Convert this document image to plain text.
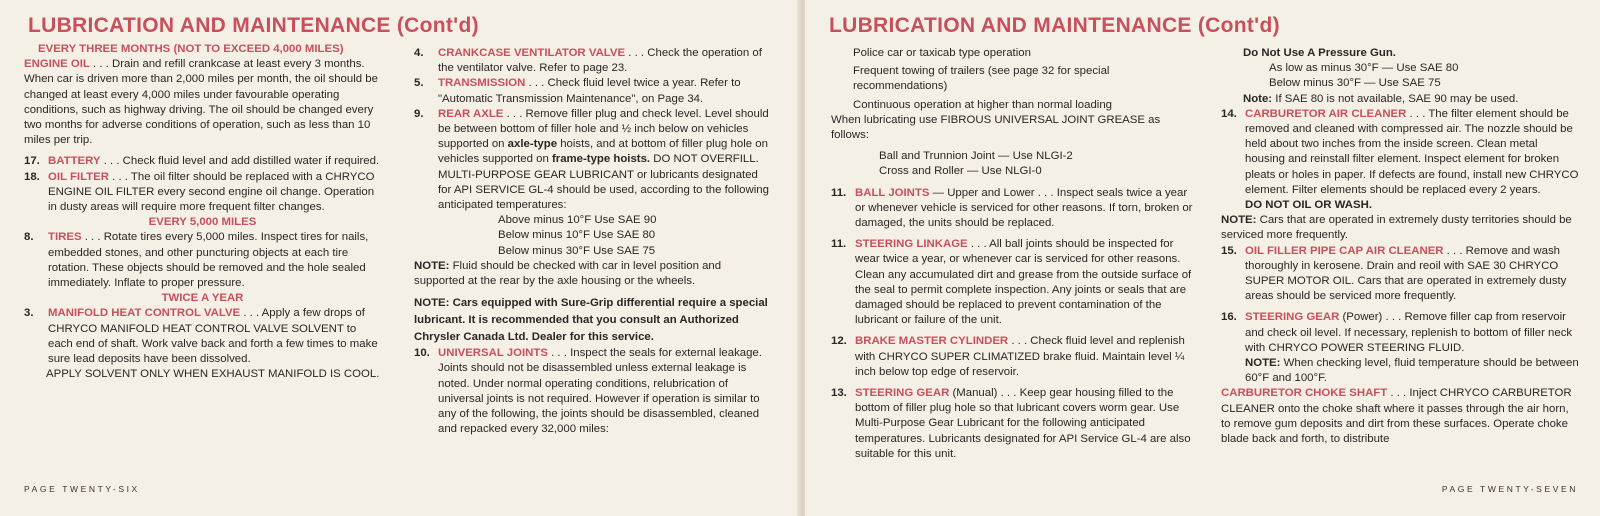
LUBRICATION AND MAINTENANCE (Cont'd)

EVERY THREE MONTHS (NOT TO EXCEED 4,000 MILES)

ENGINE OIL . . . Drain and refill crankcase at least every 3 months. When car is driven more than 2,000 miles per month, the oil should be changed at least every 4,000 miles under favourable operating conditions, such as highway driving. The oil should be changed every two months for adverse conditions of operation, such as less than 10 miles per trip.

17. BATTERY . . . Check fluid level and add distilled water if required.

18. OIL FILTER . . . The oil filter should be replaced with a CHRYCO ENGINE OIL FILTER every second engine oil change. Operation in dusty areas will require more frequent filter changes.

EVERY 5,000 MILES

8. TIRES . . . Rotate tires every 5,000 miles. Inspect tires for nails, embedded stones, and other puncturing objects at each tire rotation. These objects should be removed and the hole sealed immediately. Inflate to proper pressure.

TWICE A YEAR

3. MANIFOLD HEAT CONTROL VALVE . . . Apply a few drops of CHRYCO MANIFOLD HEAT CONTROL VALVE SOLVENT to each end of shaft. Work valve back and forth a few times to make sure lead deposits have been dissolved.

APPLY SOLVENT ONLY WHEN EXHAUST MANIFOLD IS COOL.

4. CRANKCASE VENTILATOR VALVE . . . Check the operation of the ventilator valve. Refer to page 23.

5. TRANSMISSION . . . Check fluid level twice a year. Refer to "Automatic Transmission Maintenance", on Page 34.

9. REAR AXLE . . . Remove filler plug and check level. Level should be between bottom of filler hole and ½ inch below on vehicles supported on axle-type hoists, and at bottom of filler plug hole on vehicles supported on frame-type hoists. DO NOT OVERFILL. MULTI-PURPOSE GEAR LUBRICANT or lubricants designated for API SERVICE GL-4 should be used, according to the following anticipated temperatures:

Above minus 10°F Use SAE 90

Below minus 10°F Use SAE 80

Below minus 30°F Use SAE 75

NOTE: Fluid should be checked with car in level position and supported at the rear by the axle housing or the wheels.

NOTE: Cars equipped with Sure-Grip differential require a special lubricant. It is recommended that you consult an Authorized Chrysler Canada Ltd. Dealer for this service.

10. UNIVERSAL JOINTS . . . Inspect the seals for external leakage. Joints should not be disassembled unless external leakage is noted. Under normal operating conditions, relubrication of universal joints is not required. However if operation is similar to any of the following, the joints should be disassembled, cleaned and repacked every 32,000 miles:

PAGE TWENTY-SIX
LUBRICATION AND MAINTENANCE (Cont'd)

Police car or taxicab type operation

Frequent towing of trailers (see page 32 for special recommendations)

Continuous operation at higher than normal loading

When lubricating use FIBROUS UNIVERSAL JOINT GREASE as follows:

Ball and Trunnion Joint — Use NLGI-2

Cross and Roller — Use NLGI-0

11. BALL JOINTS — Upper and Lower . . . Inspect seals twice a year or whenever vehicle is serviced for other reasons. If torn, broken or damaged, the units should be replaced.

11. STEERING LINKAGE . . . All ball joints should be inspected for wear twice a year, or whenever car is serviced for other reasons. Clean any accumulated dirt and grease from the outside surface of the seal to permit complete inspection. Any joints or seals that are damaged should be replaced to prevent contamination of the lubricant or failure of the unit.

12. BRAKE MASTER CYLINDER . . . Check fluid level and replenish with CHRYCO SUPER CLIMATIZED brake fluid. Maintain level ¼ inch below top edge of reservoir.

13. STEERING GEAR (Manual) . . . Keep gear housing filled to the bottom of filler plug hole so that lubricant covers worm gear. Use Multi-Purpose Gear Lubricant for the following anticipated temperatures. Lubricants designated for API Service GL-4 are also suitable for this unit.

Do Not Use A Pressure Gun.

As low as minus 30°F — Use SAE 80

Below minus 30°F — Use SAE 75

Note: If SAE 80 is not available, SAE 90 may be used.

14. CARBURETOR AIR CLEANER . . . The filter element should be removed and cleaned with compressed air. The nozzle should be held about two inches from the inside screen. Clean metal housing and reinstall filter element. Inspect element for broken pleats or holes in paper. If defects are found, install new CHRYCO element. Filter elements should be replaced every 2 years.

DO NOT OIL OR WASH.

NOTE: Cars that are operated in extremely dusty territories should be serviced more frequently.

15. OIL FILLER PIPE CAP AIR CLEANER . . . Remove and wash thoroughly in kerosene. Drain and reoil with SAE 30 CHRYCO SUPER MOTOR OIL. Cars that are operated in extremely dusty areas should be serviced more frequently.

16. STEERING GEAR (Power) . . . Remove filler cap from reservoir and check oil level. If necessary, replenish to bottom of filler neck with CHRYCO POWER STEERING FLUID.

NOTE: When checking level, fluid temperature should be between 60°F and 100°F.

CARBURETOR CHOKE SHAFT . . . Inject CHRYCO CARBURETOR CLEANER onto the choke shaft where it passes through the air horn, to remove gum deposits and dirt from these surfaces. Operate choke blade back and forth, to distribute

PAGE TWENTY-SEVEN
